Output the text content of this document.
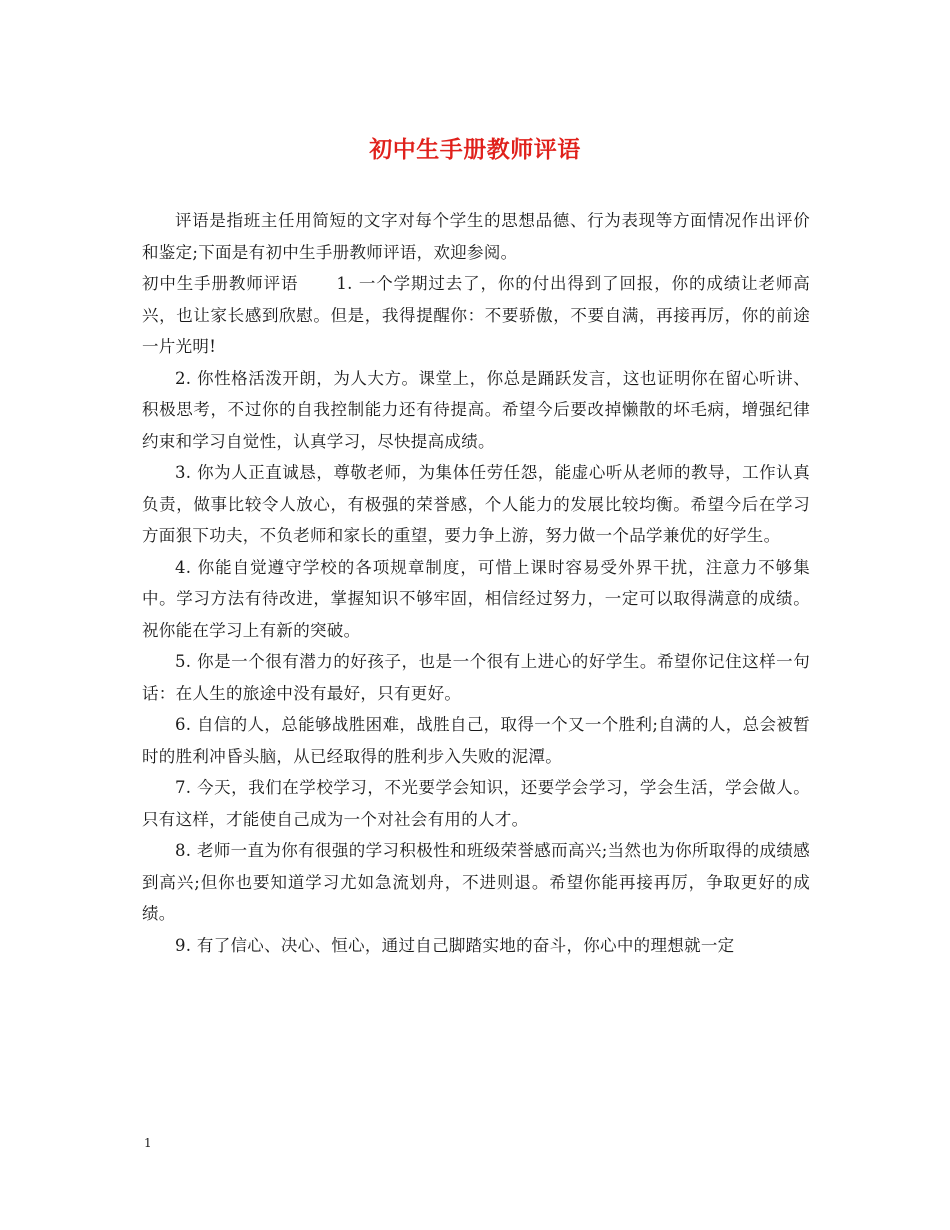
初中生手册教师评语

评语是指班主任用简短的文字对每个学生的思想品德、行为表现等方面情况作出评价和鉴定;下面是有初中生手册教师评语，欢迎参阅。

初中生手册教师评语 1. 一个学期过去了，你的付出得到了回报，你的成绩让老师高兴，也让家长感到欣慰。但是，我得提醒你：不要骄傲，不要自满，再接再厉，你的前途一片光明!

2. 你性格活泼开朗，为人大方。课堂上，你总是踊跃发言，这也证明你在留心听讲、积极思考，不过你的自我控制能力还有待提高。希望今后要改掉懒散的坏毛病，增强纪律约束和学习自觉性，认真学习，尽快提高成绩。

3. 你为人正直诚恳，尊敬老师，为集体任劳任怨，能虚心听从老师的教导，工作认真负责，做事比较令人放心，有极强的荣誉感，个人能力的发展比较均衡。希望今后在学习方面狠下功夫，不负老师和家长的重望，要力争上游，努力做一个品学兼优的好学生。

4. 你能自觉遵守学校的各项规章制度，可惜上课时容易受外界干扰，注意力不够集中。学习方法有待改进，掌握知识不够牢固，相信经过努力，一定可以取得满意的成绩。祝你能在学习上有新的突破。

5. 你是一个很有潜力的好孩子，也是一个很有上进心的好学生。希望你记住这样一句话：在人生的旅途中没有最好，只有更好。

6. 自信的人，总能够战胜困难，战胜自己，取得一个又一个胜利;自满的人，总会被暂时的胜利冲昏头脑，从已经取得的胜利步入失败的泥潭。

7. 今天，我们在学校学习，不光要学会知识，还要学会学习，学会生活，学会做人。只有这样，才能使自己成为一个对社会有用的人才。

8. 老师一直为你有很强的学习积极性和班级荣誉感而高兴;当然也为你所取得的成绩感到高兴;但你也要知道学习尤如急流划舟，不进则退。希望你能再接再厉，争取更好的成绩。

9. 有了信心、决心、恒心，通过自己脚踏实地的奋斗，你心中的理想就一定

1
